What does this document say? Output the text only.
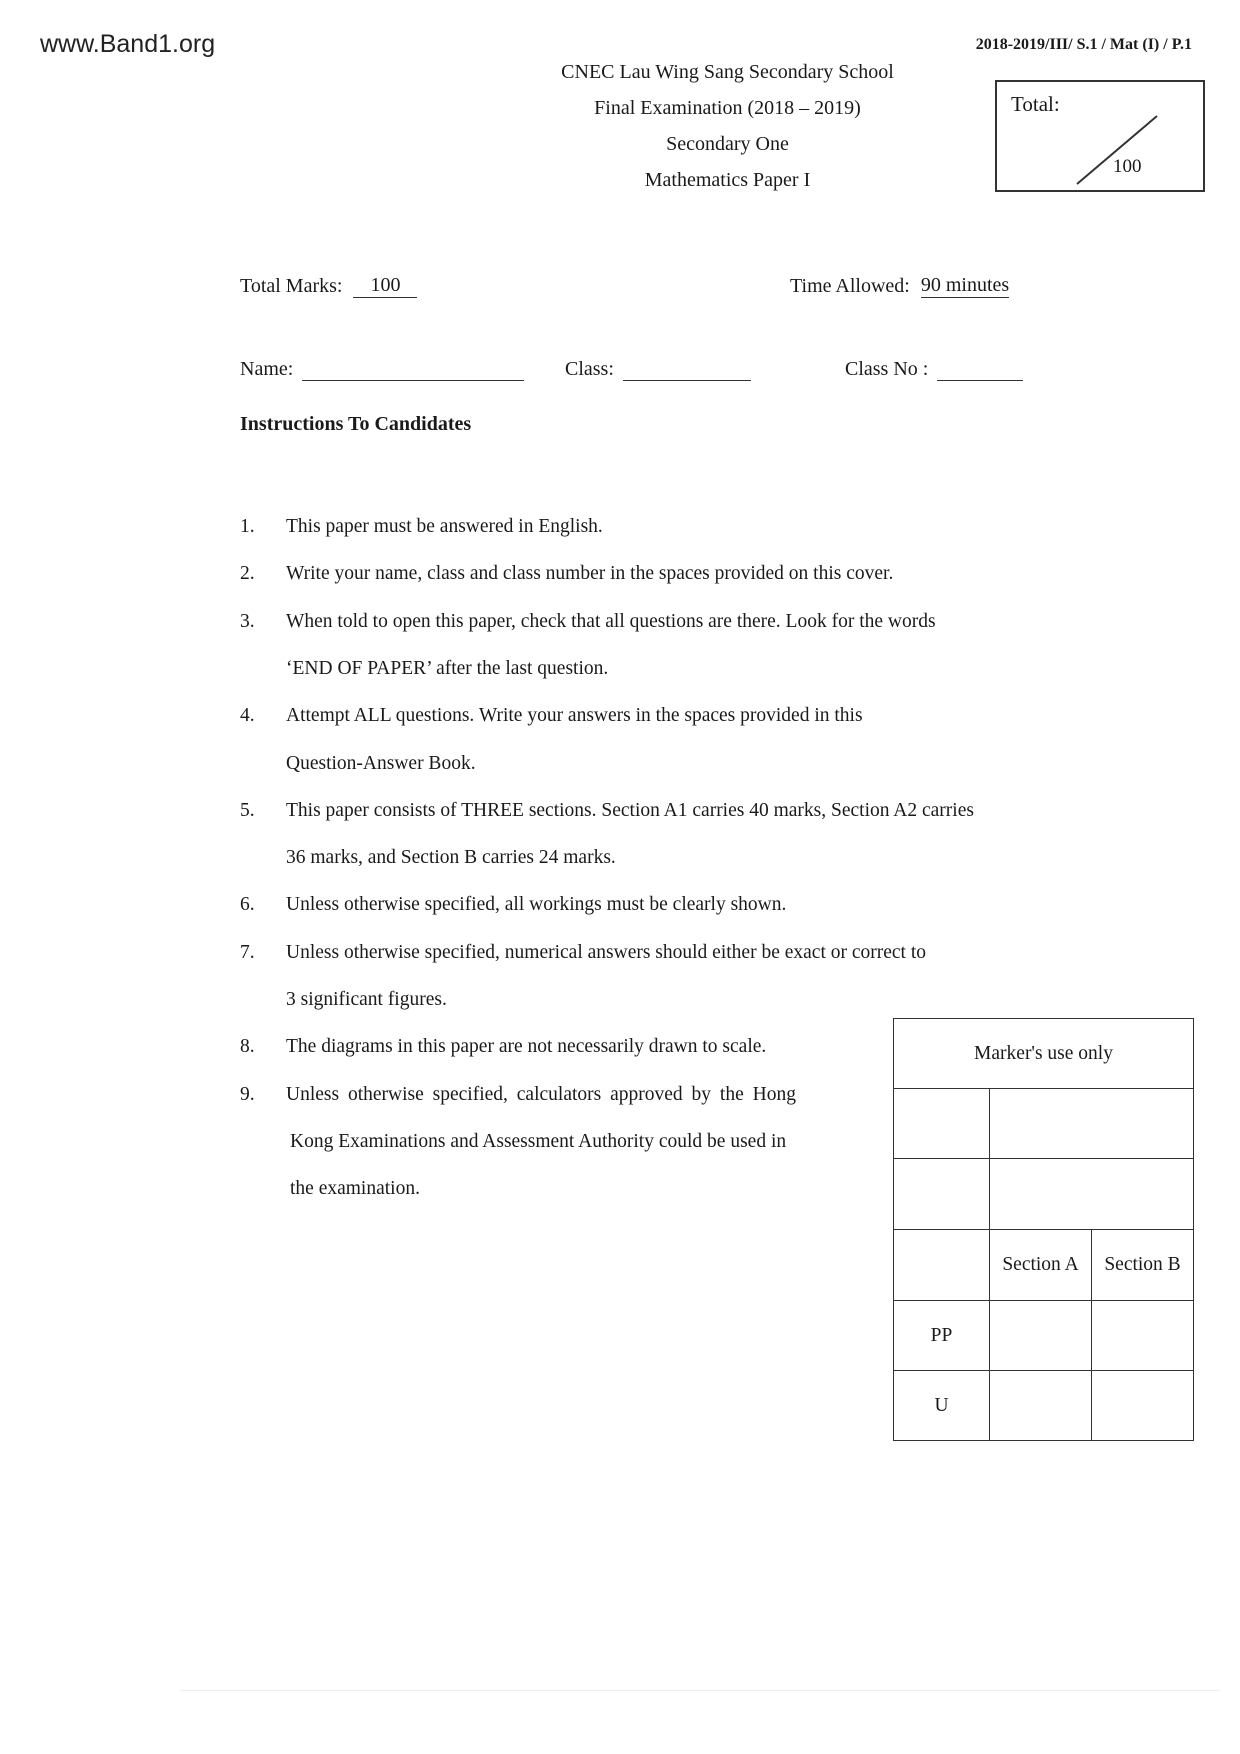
www.Band1.org	2018-2019/III/ S.1 / Mat (I) / P.1
CNEC Lau Wing Sang Secondary School
Final Examination (2018 – 2019)
Secondary One
Mathematics Paper I
Total:
100
Total Marks: 100	Time Allowed: 90 minutes
Name:	Class:	Class No :
Instructions To Candidates
1. This paper must be answered in English.
2. Write your name, class and class number in the spaces provided on this cover.
3. When told to open this paper, check that all questions are there. Look for the words
‘END OF PAPER’ after the last question.
4. Attempt ALL questions. Write your answers in the spaces provided in this
Question-Answer Book.
5. This paper consists of THREE sections. Section A1 carries 40 marks, Section A2 carries
36 marks, and Section B carries 24 marks.
6. Unless otherwise specified, all workings must be clearly shown.
7. Unless otherwise specified, numerical answers should either be exact or correct to
3 significant figures.
8. The diagrams in this paper are not necessarily drawn to scale.
9. Unless otherwise specified, calculators approved by the Hong
Kong Examinations and Assessment Authority could be used in
the examination.
Marker's use only		

	Section A	Section B
PP		
U		
